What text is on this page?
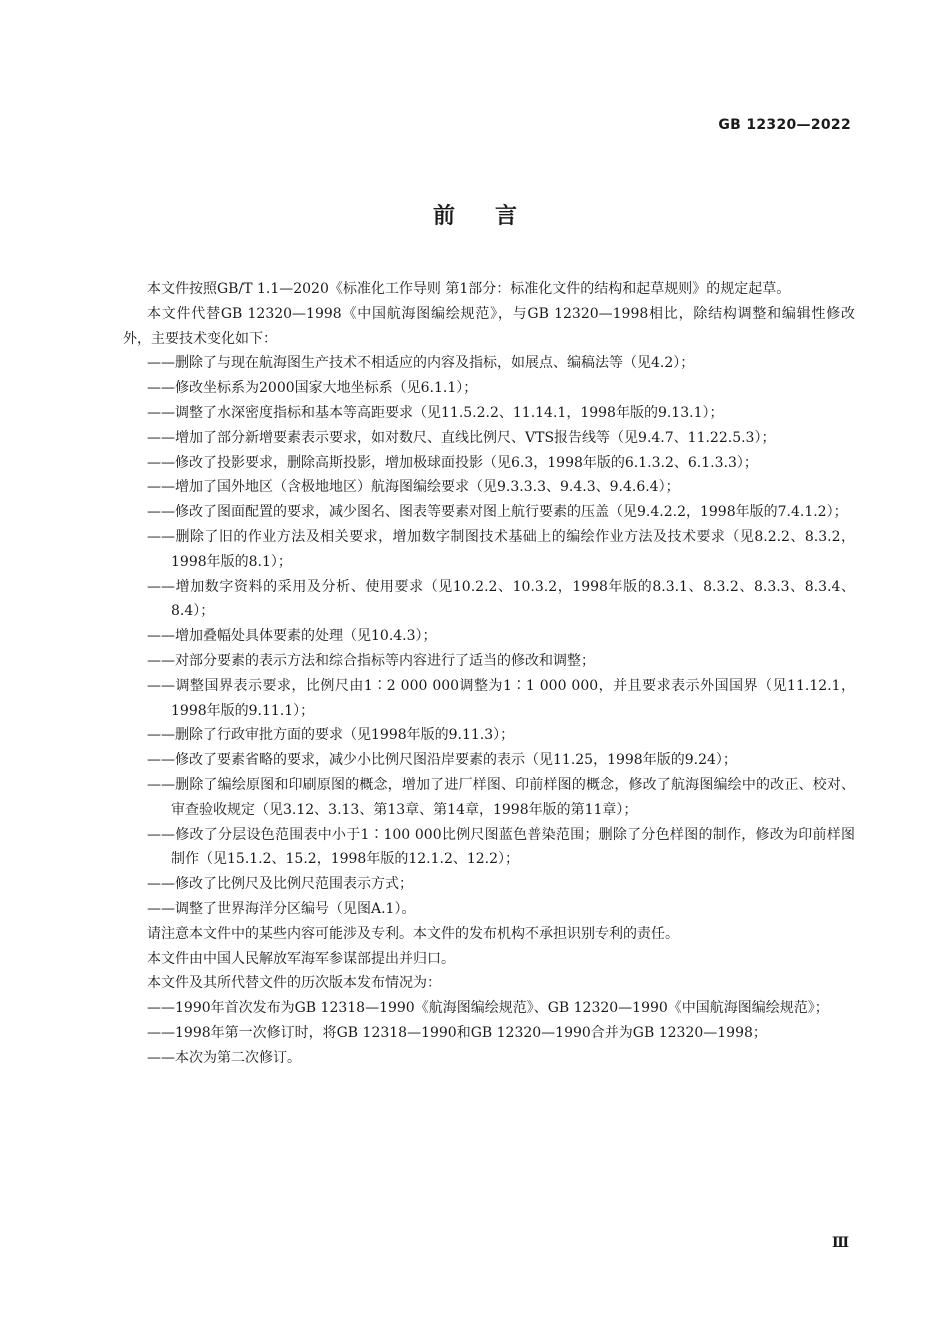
GB 12320—2022
前言

本文件按照GB/T 1.1—2020《标准化工作导则 第1部分：标准化文件的结构和起草规则》的规定起草。

本文件代替GB 12320—1998《中国航海图编绘规范》，与GB 12320—1998相比，除结构调整和编辑性修改外，主要技术变化如下：

——删除了与现在航海图生产技术不相适应的内容及指标，如展点、编稿法等（见4.2）；

——修改坐标系为2000国家大地坐标系（见6.1.1）；

——调整了水深密度指标和基本等高距要求（见11.5.2.2、11.14.1，1998年版的9.13.1）；

——增加了部分新增要素表示要求，如对数尺、直线比例尺、VTS报告线等（见9.4.7、11.22.5.3）；

——修改了投影要求，删除高斯投影，增加极球面投影（见6.3，1998年版的6.1.3.2、6.1.3.3）；

——增加了国外地区（含极地地区）航海图编绘要求（见9.3.3.3、9.4.3、9.4.6.4）；

——修改了图面配置的要求，减少图名、图表等要素对图上航行要素的压盖（见9.4.2.2，1998年版的7.4.1.2）；

——删除了旧的作业方法及相关要求，增加数字制图技术基础上的编绘作业方法及技术要求（见8.2.2、8.3.2，1998年版的8.1）；

——增加数字资料的采用及分析、使用要求（见10.2.2、10.3.2，1998年版的8.3.1、8.3.2、8.3.3、8.3.4、8.4）；

——增加叠幅处具体要素的处理（见10.4.3）；

——对部分要素的表示方法和综合指标等内容进行了适当的修改和调整；

——调整国界表示要求，比例尺由1∶2 000 000调整为1∶1 000 000，并且要求表示外国国界（见11.12.1，1998年版的9.11.1）；

——删除了行政审批方面的要求（见1998年版的9.11.3）；

——修改了要素省略的要求，减少小比例尺图沿岸要素的表示（见11.25，1998年版的9.24）；

——删除了编绘原图和印刷原图的概念，增加了进厂样图、印前样图的概念，修改了航海图编绘中的改正、校对、审查验收规定（见3.12、3.13、第13章、第14章，1998年版的第11章）；

——修改了分层设色范围表中小于1∶100 000比例尺图蓝色普染范围；删除了分色样图的制作，修改为印前样图制作（见15.1.2、15.2，1998年版的12.1.2、12.2）；

——修改了比例尺及比例尺范围表示方式；

——调整了世界海洋分区编号（见图A.1）。

请注意本文件中的某些内容可能涉及专利。本文件的发布机构不承担识别专利的责任。

本文件由中国人民解放军海军参谋部提出并归口。

本文件及其所代替文件的历次版本发布情况为：

——1990年首次发布为GB 12318—1990《航海图编绘规范》、GB 12320—1990《中国航海图编绘规范》；

——1998年第一次修订时，将GB 12318—1990和GB 12320—1990合并为GB 12320—1998；

——本次为第二次修订。

Ⅲ
